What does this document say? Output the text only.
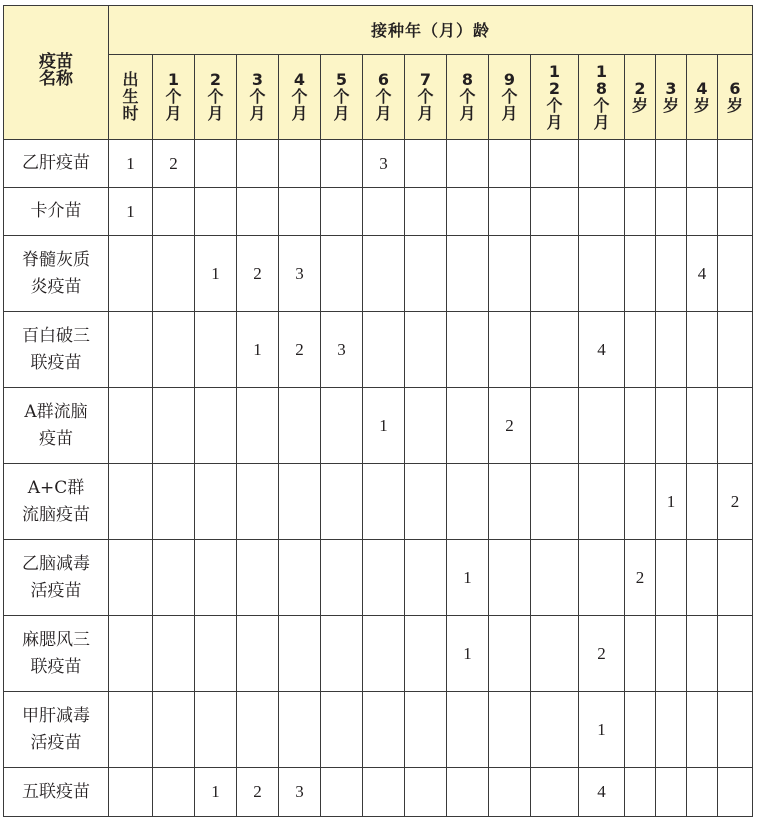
疫苗名称	接种年（月）龄															
	出生时	1个月	2个月	3个月	4个月	5个月	6个月	7个月	8个月	9个月	12个月	18个月	2岁	3岁	4岁	6岁
乙肝疫苗	1	2					3									
卡介苗	1															
脊髓灰质炎疫苗			1	2	3										4	
百白破三联疫苗				1	2	3						4				
A群流脑疫苗							1			2						
A+C群流脑疫苗														1		2
乙脑减毒活疫苗									1				2			
麻腮风三联疫苗									1			2				
甲肝减毒活疫苗												1				
五联疫苗			1	2	3							4				
